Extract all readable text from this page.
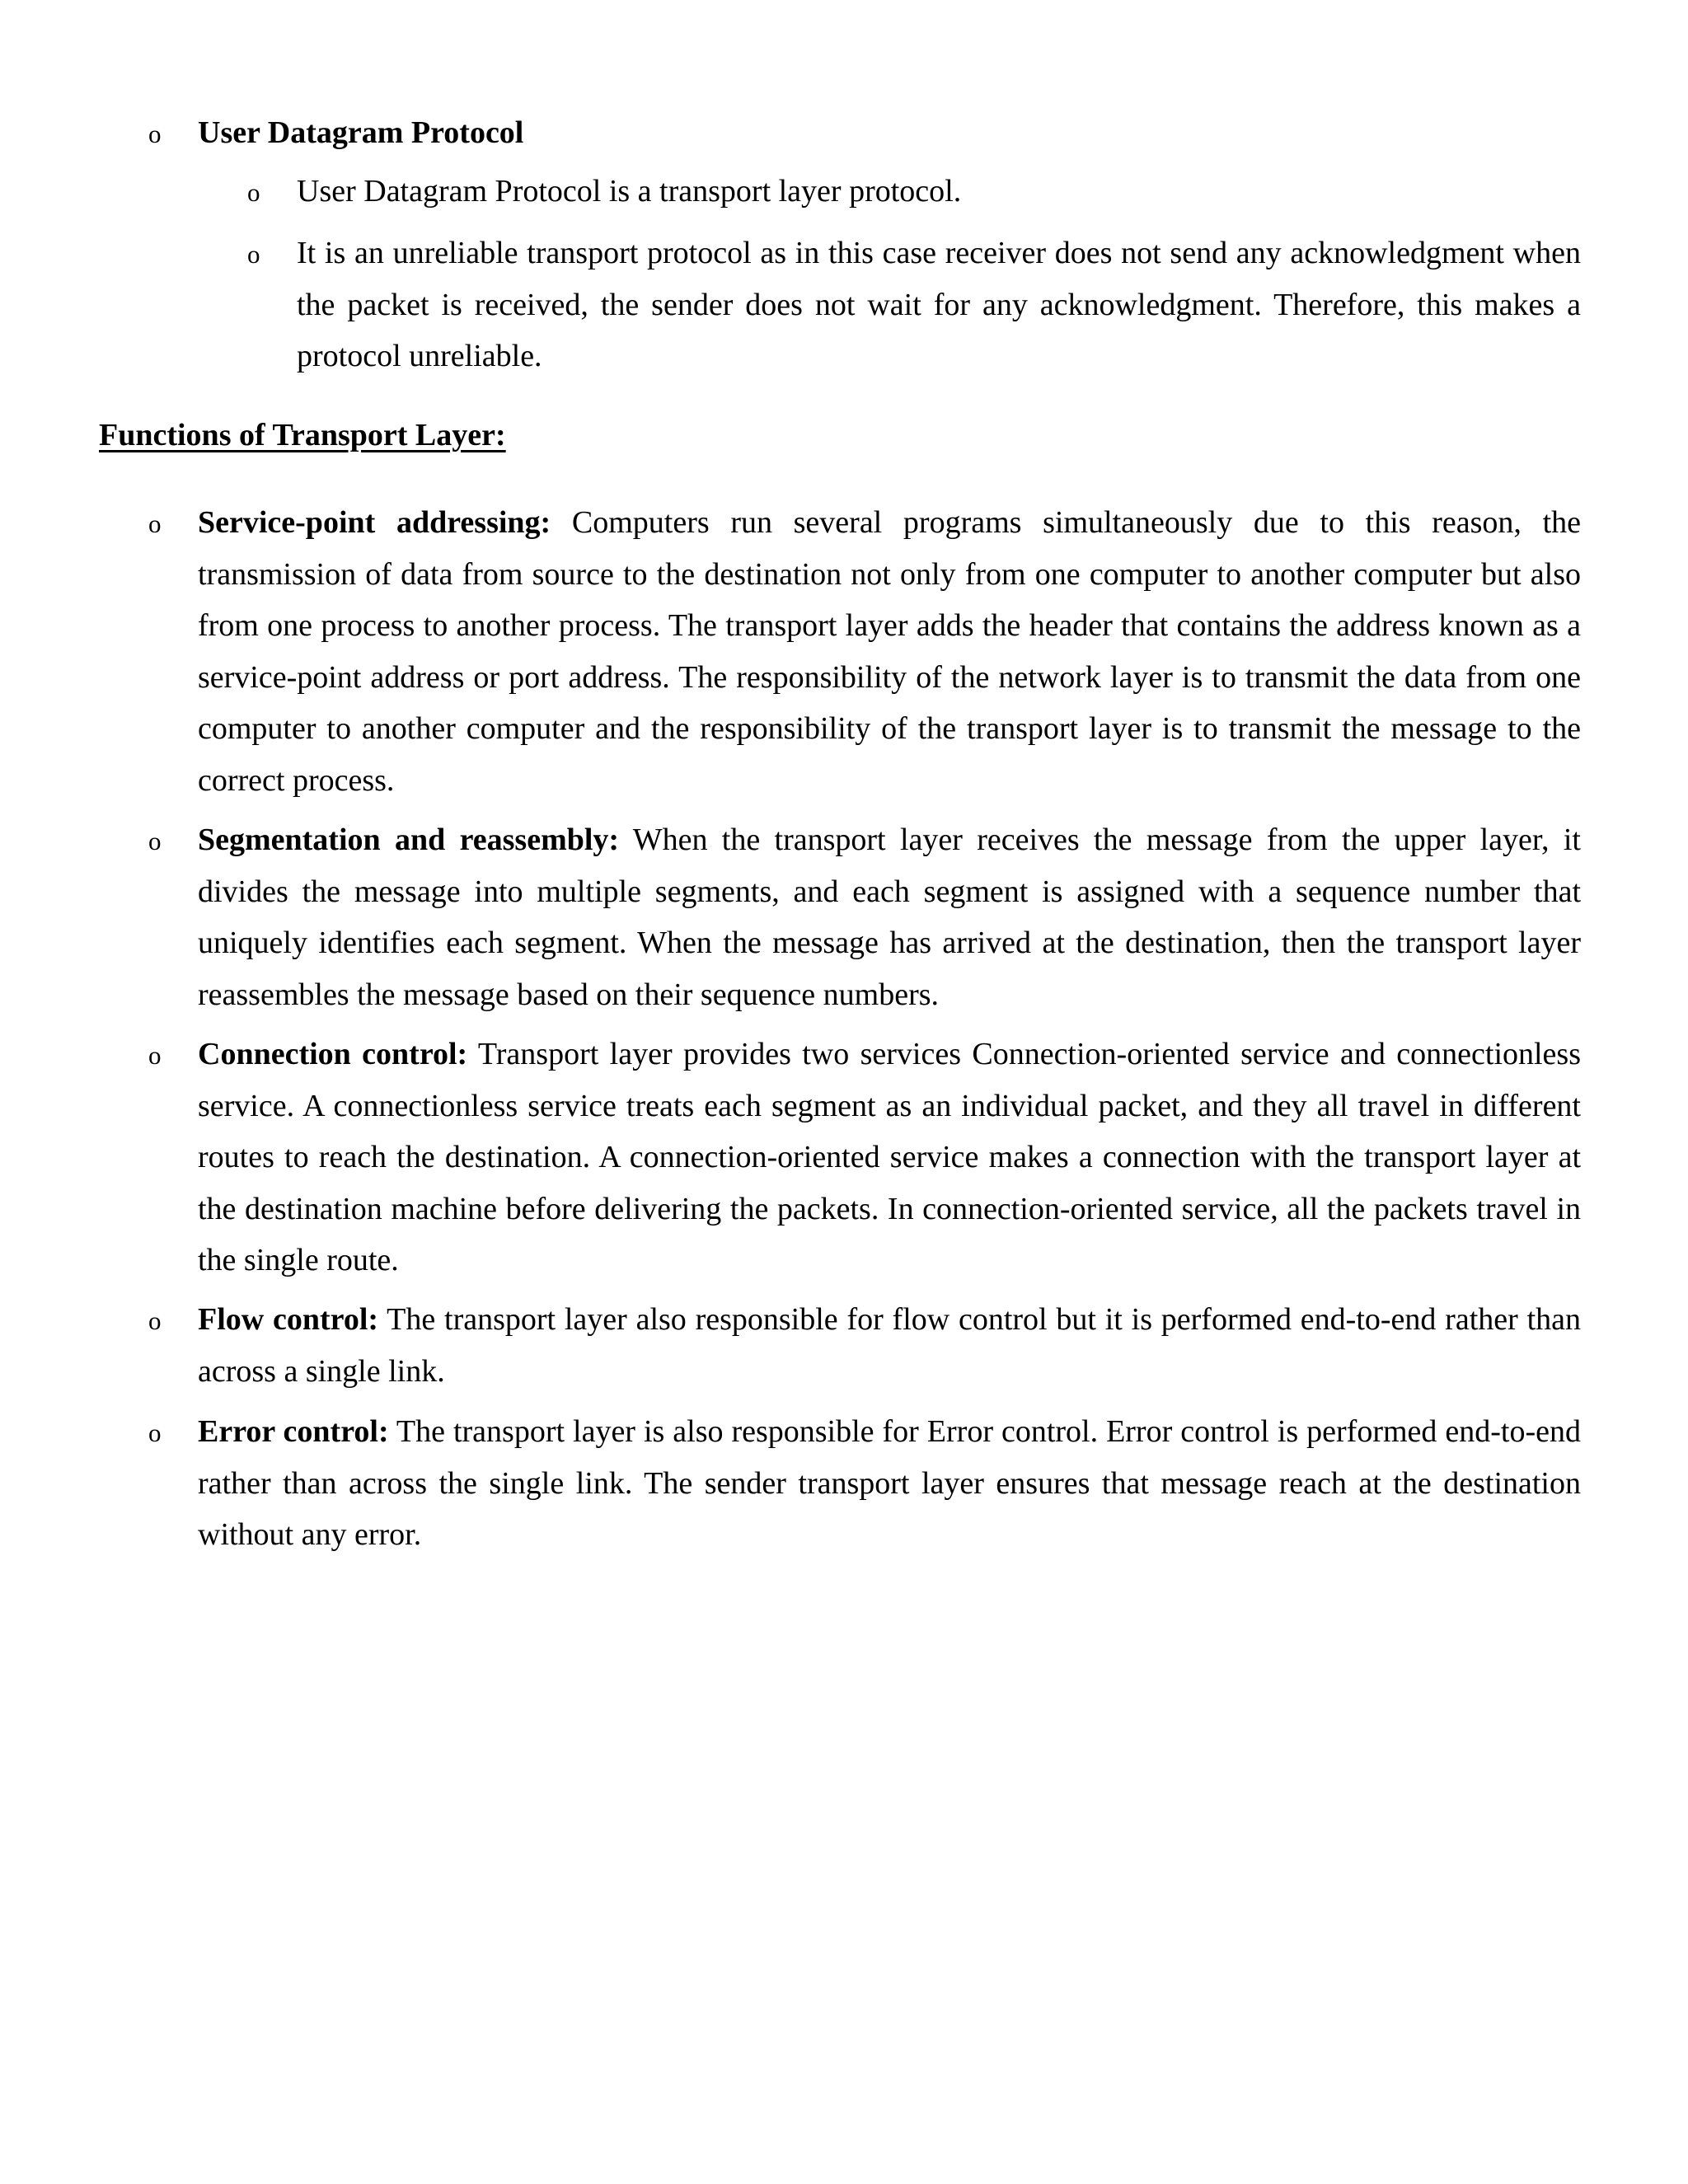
o User Datagram Protocol
o User Datagram Protocol is a transport layer protocol.
o It is an unreliable transport protocol as in this case receiver does not send any acknowledgment when the packet is received, the sender does not wait for any acknowledgment. Therefore, this makes a protocol unreliable.
Functions of Transport Layer:
o Service-point addressing: Computers run several programs simultaneously due to this reason, the transmission of data from source to the destination not only from one computer to another computer but also from one process to another process. The transport layer adds the header that contains the address known as a service-point address or port address. The responsibility of the network layer is to transmit the data from one computer to another computer and the responsibility of the transport layer is to transmit the message to the correct process.
o Segmentation and reassembly: When the transport layer receives the message from the upper layer, it divides the message into multiple segments, and each segment is assigned with a sequence number that uniquely identifies each segment. When the message has arrived at the destination, then the transport layer reassembles the message based on their sequence numbers.
o Connection control: Transport layer provides two services Connection-oriented service and connectionless service. A connectionless service treats each segment as an individual packet, and they all travel in different routes to reach the destination. A connection-oriented service makes a connection with the transport layer at the destination machine before delivering the packets. In connection-oriented service, all the packets travel in the single route.
o Flow control: The transport layer also responsible for flow control but it is performed end-to-end rather than across a single link.
o Error control: The transport layer is also responsible for Error control. Error control is performed end-to-end rather than across the single link. The sender transport layer ensures that message reach at the destination without any error.
